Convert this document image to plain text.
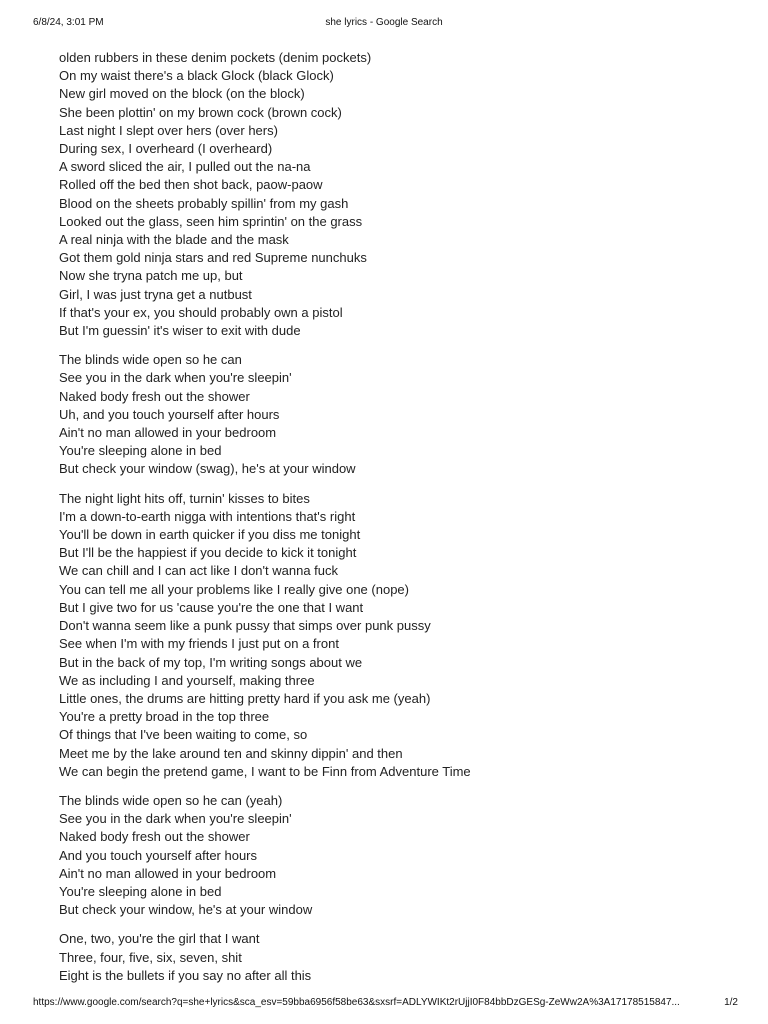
6/8/24, 3:01 PM	she lyrics - Google Search
olden rubbers in these denim pockets (denim pockets)
On my waist there's a black Glock (black Glock)
New girl moved on the block (on the block)
She been plottin' on my brown cock (brown cock)
Last night I slept over hers (over hers)
During sex, I overheard (I overheard)
A sword sliced the air, I pulled out the na-na
Rolled off the bed then shot back, paow-paow
Blood on the sheets probably spillin' from my gash
Looked out the glass, seen him sprintin' on the grass
A real ninja with the blade and the mask
Got them gold ninja stars and red Supreme nunchuks
Now she tryna patch me up, but
Girl, I was just tryna get a nutbust
If that's your ex, you should probably own a pistol
But I'm guessin' it's wiser to exit with dude
The blinds wide open so he can
See you in the dark when you're sleepin'
Naked body fresh out the shower
Uh, and you touch yourself after hours
Ain't no man allowed in your bedroom
You're sleeping alone in bed
But check your window (swag), he's at your window
The night light hits off, turnin' kisses to bites
I'm a down-to-earth nigga with intentions that's right
You'll be down in earth quicker if you diss me tonight
But I'll be the happiest if you decide to kick it tonight
We can chill and I can act like I don't wanna fuck
You can tell me all your problems like I really give one (nope)
But I give two for us 'cause you're the one that I want
Don't wanna seem like a punk pussy that simps over punk pussy
See when I'm with my friends I just put on a front
But in the back of my top, I'm writing songs about we
We as including I and yourself, making three
Little ones, the drums are hitting pretty hard if you ask me (yeah)
You're a pretty broad in the top three
Of things that I've been waiting to come, so
Meet me by the lake around ten and skinny dippin' and then
We can begin the pretend game, I want to be Finn from Adventure Time
The blinds wide open so he can (yeah)
See you in the dark when you're sleepin'
Naked body fresh out the shower
And you touch yourself after hours
Ain't no man allowed in your bedroom
You're sleeping alone in bed
But check your window, he's at your window
One, two, you're the girl that I want
Three, four, five, six, seven, shit
Eight is the bullets if you say no after all this
https://www.google.com/search?q=she+lyrics&sca_esv=59bba6956f58be63&sxsrf=ADLYWIKt2rUjjI0F84bbDzGESg-ZeWw2A%3A17178515847...	1/2
